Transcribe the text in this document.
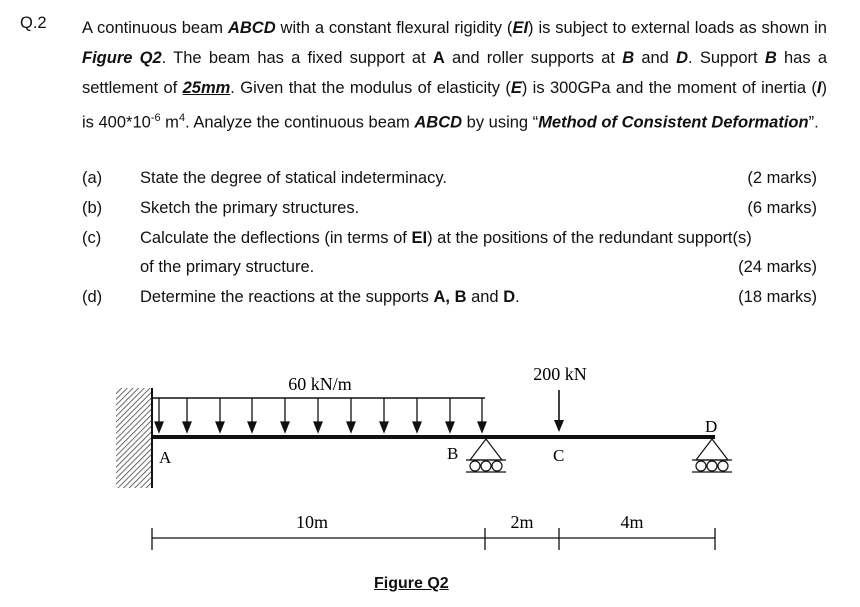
Q.2 A continuous beam ABCD with a constant flexural rigidity (EI) is subject to external loads as shown in Figure Q2. The beam has a fixed support at A and roller supports at B and D. Support B has a settlement of 25mm. Given that the modulus of elasticity (E) is 300GPa and the moment of inertia (I) is $400*10^{-6}$ $m^4$. Analyze the continuous beam ABCD by using “Method of Consistent Deformation”.
(a) State the degree of statical indeterminacy.	(2 marks)
(b) Sketch the primary structures.	(6 marks)
(c) Calculate the deflections (in terms of EI) at the positions of the redundant support(s)
of the primary structure.	(24 marks)
(d) Determine the reactions at the supports A, B and D.	(18 marks)
60 kN/m	200 kN
A	B	C
D
10m	2m	4m
Figure Q2
